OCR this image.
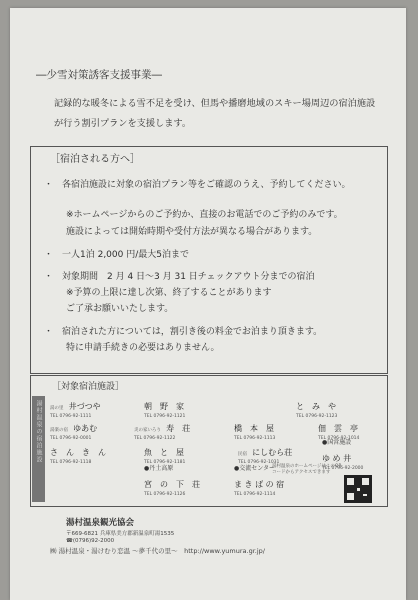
―少雪対策誘客支援事業―
記録的な暖冬による雪不足を受け、但馬や播磨地域のスキー場周辺の宿泊施設が行う割引プランを支援します。
［宿泊される方へ］
・　各宿泊施設に対象の宿泊プラン等をご確認のうえ、予約してください。
※ホームページからのご予約か、直接のお電話でのご予約のみです。
施設によっては開始時期や受付方法が異なる場合があります。
・　一人1泊 2,000 円/最大5泊まで
・　対象期間　2 月 4 日～3 月 31 日チェックアウト分までの宿泊
※予算の上限に達し次第、終了することがあります
ご了承お願いいたします。
・　宿泊された方については，割引き後の料金でお泊まり頂きます。
特に申請手続きの必要はありません。
［対象宿泊施設］
湯村温泉の宿泊施設 湯の里 井づつや
TEL 0796-92-1111
朝　野　家
TEL 0796-92-1121
と　み　や
TEL 0796-92-1123
湯楽の宿 ゆあむ
TEL 0796-92-0001
炎の家いろり 寿　荘
TEL 0796-92-1122
橋　本　屋
TEL 0796-92-1113
佃　雲　亭
TEL 0796-92-1014
さ　ん　き　ん
TEL 0796-92-1118
魚　と　屋
TEL 0796-92-1181
民宿 にしむら荘
TEL 0796-92-1031
●国営施設
ゆ め 井
TEL 0796-92-2000
●丹土高原	●交流センター
宮　の　下　荘
TEL 0796-92-1126
ま き ば の 宿
TEL 0796-92-1114
湯村温泉のホームページはこのQRコードからアクセスできます
湯村温泉観光協会
〒669-6821 兵庫県美方郡新温泉町湯1535
☎(0796)92-2000
㈱ 湯村温泉・湯けむり恋温 ～夢千代の里～　http://www.yumura.gr.jp/
